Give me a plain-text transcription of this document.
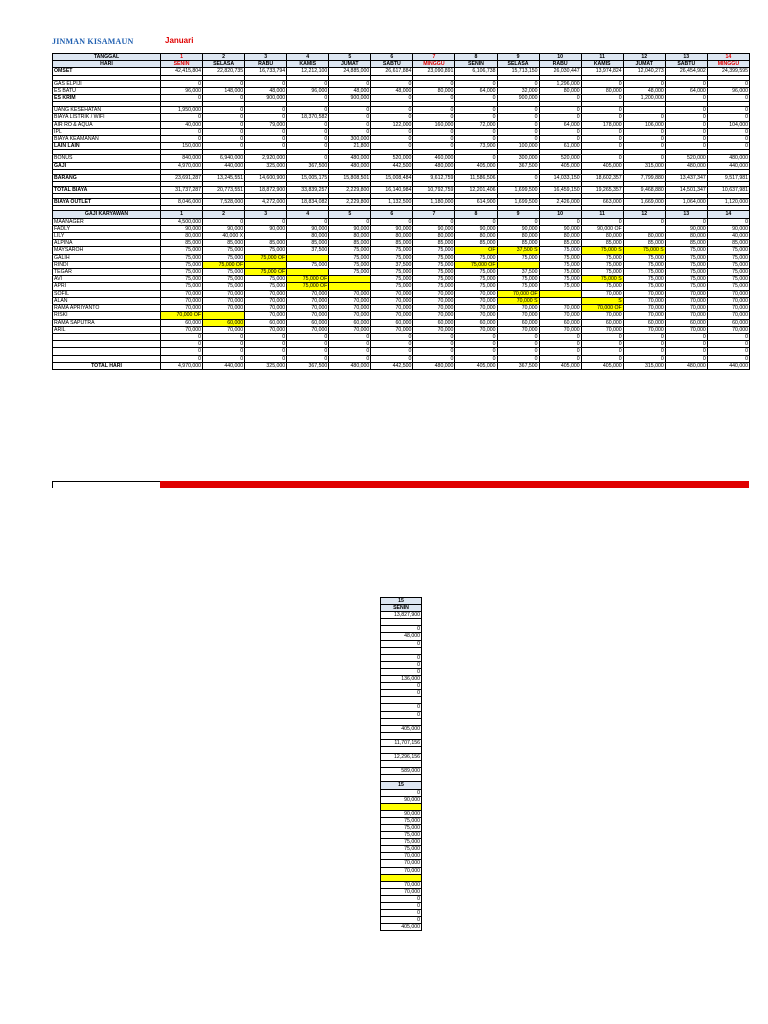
JINMAN KISAMAUN	Januari
TANGGAL	1	2	3	4	5	6	7	8	9	10	11	12	13	14
HARI	SENIN	SELASA	RABU	KAMIS	JUMAT	SABTU	MINGGU	SENIN	SELASA	RABU	KAMIS	JUMAT	SABTU	MINGGU
OMSET	42,415,804	22,820,735	16,733,794	12,212,100	24,885,000	26,617,884	23,090,891	6,106,738	15,713,150	26,030,447	13,974,824	12,040,273	26,454,902	24,399,595

GAS ELPIJI	0	0	0	0	0	0	0	0	0	1,296,000	0	0	0	0
ES BATU	96,000	148,000	48,000	96,000	48,000	48,000	80,000	64,000	32,000	80,000	80,000	48,000	64,000	96,000
ES KRIM	0	0	900,000	0	900,000	0	0	0	900,000	0	0	1,200,000	0	0

UANG KESEHATAN	1,950,000	0	0	0	0	0	0	0	0	0	0		0	0
BIAYA LISTRIK / WIFI	0	0	0	18,370,582	0	0	0	0	0	0	0	0	0	0
AIR RO & AQUA	40,000	0	79,000	0	0	122,000	160,000	72,000	0	64,000	178,000	106,000	0	104,000
IPL	0	0	0	0	0	0	0	0	0	0	0	0	0	0
BIAYA KEAMANAN	0	0	0	0	300,000	0	0	0	0	0	0	0	0	0
LAIN LAIN	150,000	0	0	0	21,800	0	0	73,900	100,000	61,000	0	0	0	0

BONUS	840,000	6,940,000	2,920,000	0	480,000	520,000	460,000	0	300,000	520,000	0	0	520,000	480,000
GAJI	4,970,000	440,000	325,000	367,500	480,000	442,500	480,000	405,000	367,500	405,000	405,000	315,000	480,000	440,000

BARANG	23,691,287	13,245,551	14,600,900	15,005,175	15,808,501	15,008,484	9,612,759	11,586,506	0	14,033,150	18,602,357	7,799,880	13,437,347	9,517,981

TOTAL BIAYA	31,737,287	20,773,551	18,872,900	33,839,257	2,229,800	16,140,984	10,792,759	12,201,406	1,699,500	16,459,150	19,265,357	9,468,880	14,501,347	10,637,981

BIAYA OUTLET	8,046,000	7,528,000	4,272,000	18,834,082	2,229,800	1,132,500	1,180,000	614,900	1,699,500	2,426,000	663,000	1,669,000	1,064,000	1,120,000

GAJI KARYAWAN	1	2	3	4	5	6	7	8	9	10	11	12	13	14
MAANAGER	4,500,000	0	0	0	0	0	0	0	0	0	0	0	0	0
FADLY	90,000	90,000	90,000	90,000	90,000	90,000	90,000	90,000	90,000	90,000	90,000 OF		90,000	90,000
LILY	80,000	40,000 X		80,000	80,000	80,000	80,000	80,000	80,000	80,000	80,000	80,000	80,000	40,000
ALPINA	85,000	85,000	85,000	85,000	85,000	85,000	85,000	85,000	85,000	85,000	85,000	85,000	85,000	85,000
MAYSAROH	75,000	75,000	75,000	37,500	75,000	75,000	75,000	OF	37,500 S	75,000	75,000 S	75,000 S	75,000	75,000
GALIH	75,000	75,000	75,000 OF		75,000	75,000	75,000	75,000	75,000	75,000	75,000	75,000	75,000	75,000
RINDI	75,000	75,000 OF		75,000	75,000	37,500	75,000	75,000 OF		75,000	75,000	75,000	75,000	75,000
TEGAR	75,000	75,000	75,000 OF		75,000	75,000	75,000	75,000	37,500	75,000	75,000	75,000	75,000	75,000
AVI	75,000	75,000	75,000	75,000 OF		75,000	75,000	75,000	75,000	75,000	75,000 S	75,000	75,000	75,000
APRI	75,000	75,000	75,000	75,000 OF		75,000	75,000	75,000	75,000	75,000	75,000	75,000	75,000	75,000
SOFIL	70,000	70,000	70,000	70,000	70,000	70,000	70,000	70,000	70,000 OF		70,000	70,000	70,000	70,000
ALAN	70,000	70,000	70,000	70,000	70,000	70,000	70,000	70,000	70,000 S		S	70,000	70,000	70,000
RAMA APRIYANTO	70,000	70,000	70,000	70,000	70,000	70,000	70,000	70,000	70,000	70,000	70,000 OF	70,000	70,000	70,000
RISKI	70,000 OF		70,000	70,000	70,000	70,000	70,000	70,000	70,000	70,000	70,000	70,000	70,000	70,000
RAMA SAPUTRA	60,000	60,000	60,000	60,000	60,000	60,000	60,000	60,000	60,000	60,000	60,000	60,000	60,000	60,000
ARIL	70,000	70,000	70,000	70,000	70,000	70,000	70,000	70,000	70,000	70,000	70,000	70,000	70,000	70,000
	0	0	0	0	0	0	0	0	0	0	0	0	0	0
	0	0	0	0	0	0	0	0	0	0	0	0	0	0
	0	0	0	0	0	0	0	0	0	0	0	0	0	0
	0	0	0	0	0	0	0	0	0	0	0	0	0	0
TOTAL HARI	4,970,000	440,000	325,000	367,500	480,000	442,500	480,000	405,000	367,500	405,000	405,000	315,000	480,000	440,000
15
SENIN
13,827,900

0
48,000
0

0
0
0
136,000
0
0

0
0

405,000

11,707,156

12,296,156

589,000

15
0
90,000

90,000
75,000
75,000
75,000
75,000
75,000
70,000
70,000
70,000

70,000
70,000
0
0
0
0
405,000
